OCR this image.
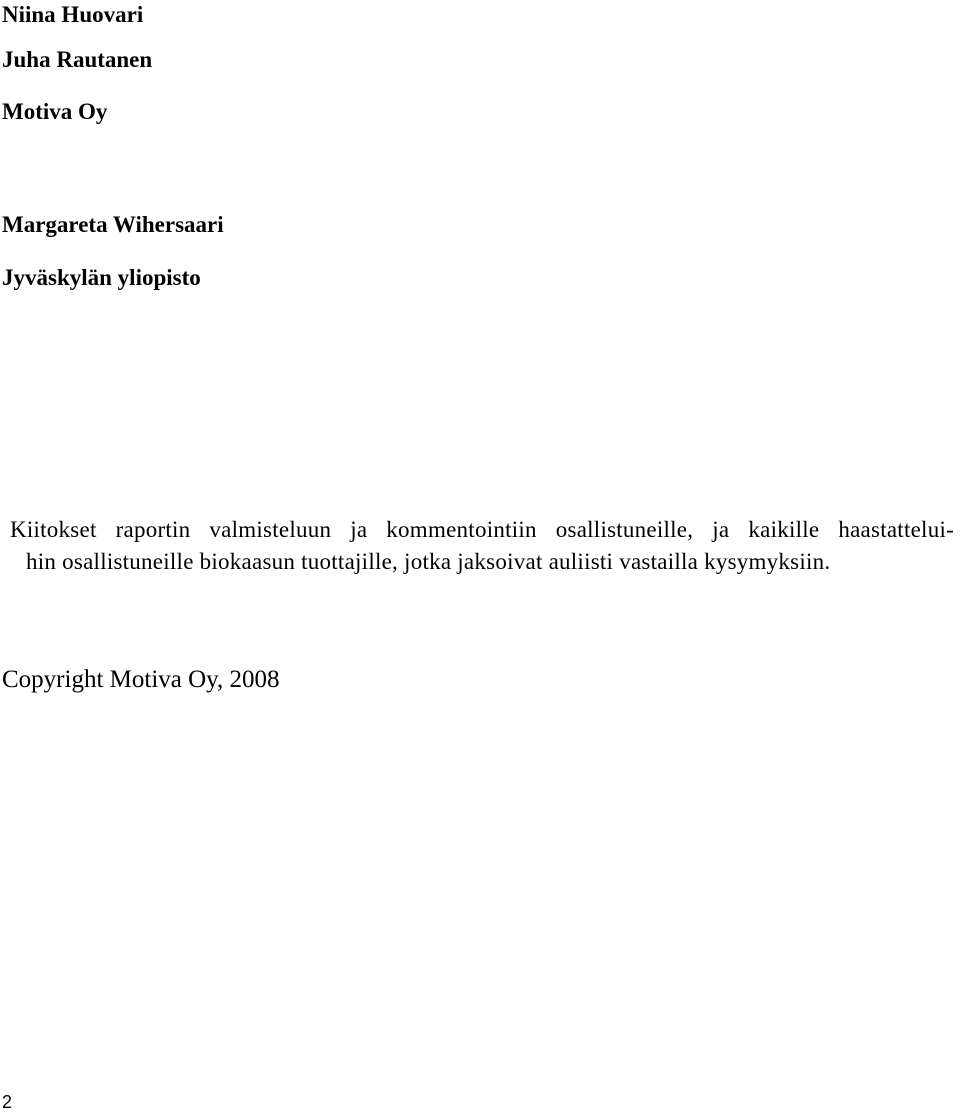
Niina Huovari
Juha Rautanen
Motiva Oy
Margareta Wihersaari
Jyväskylän yliopisto
Kiitokset raportin valmisteluun ja kommentointiin osallistuneille, ja kaikille haastattelui-
hin osallistuneille biokaasun tuottajille, jotka jaksoivat auliisti vastailla kysymyksiin.
Copyright Motiva Oy, 2008
2
